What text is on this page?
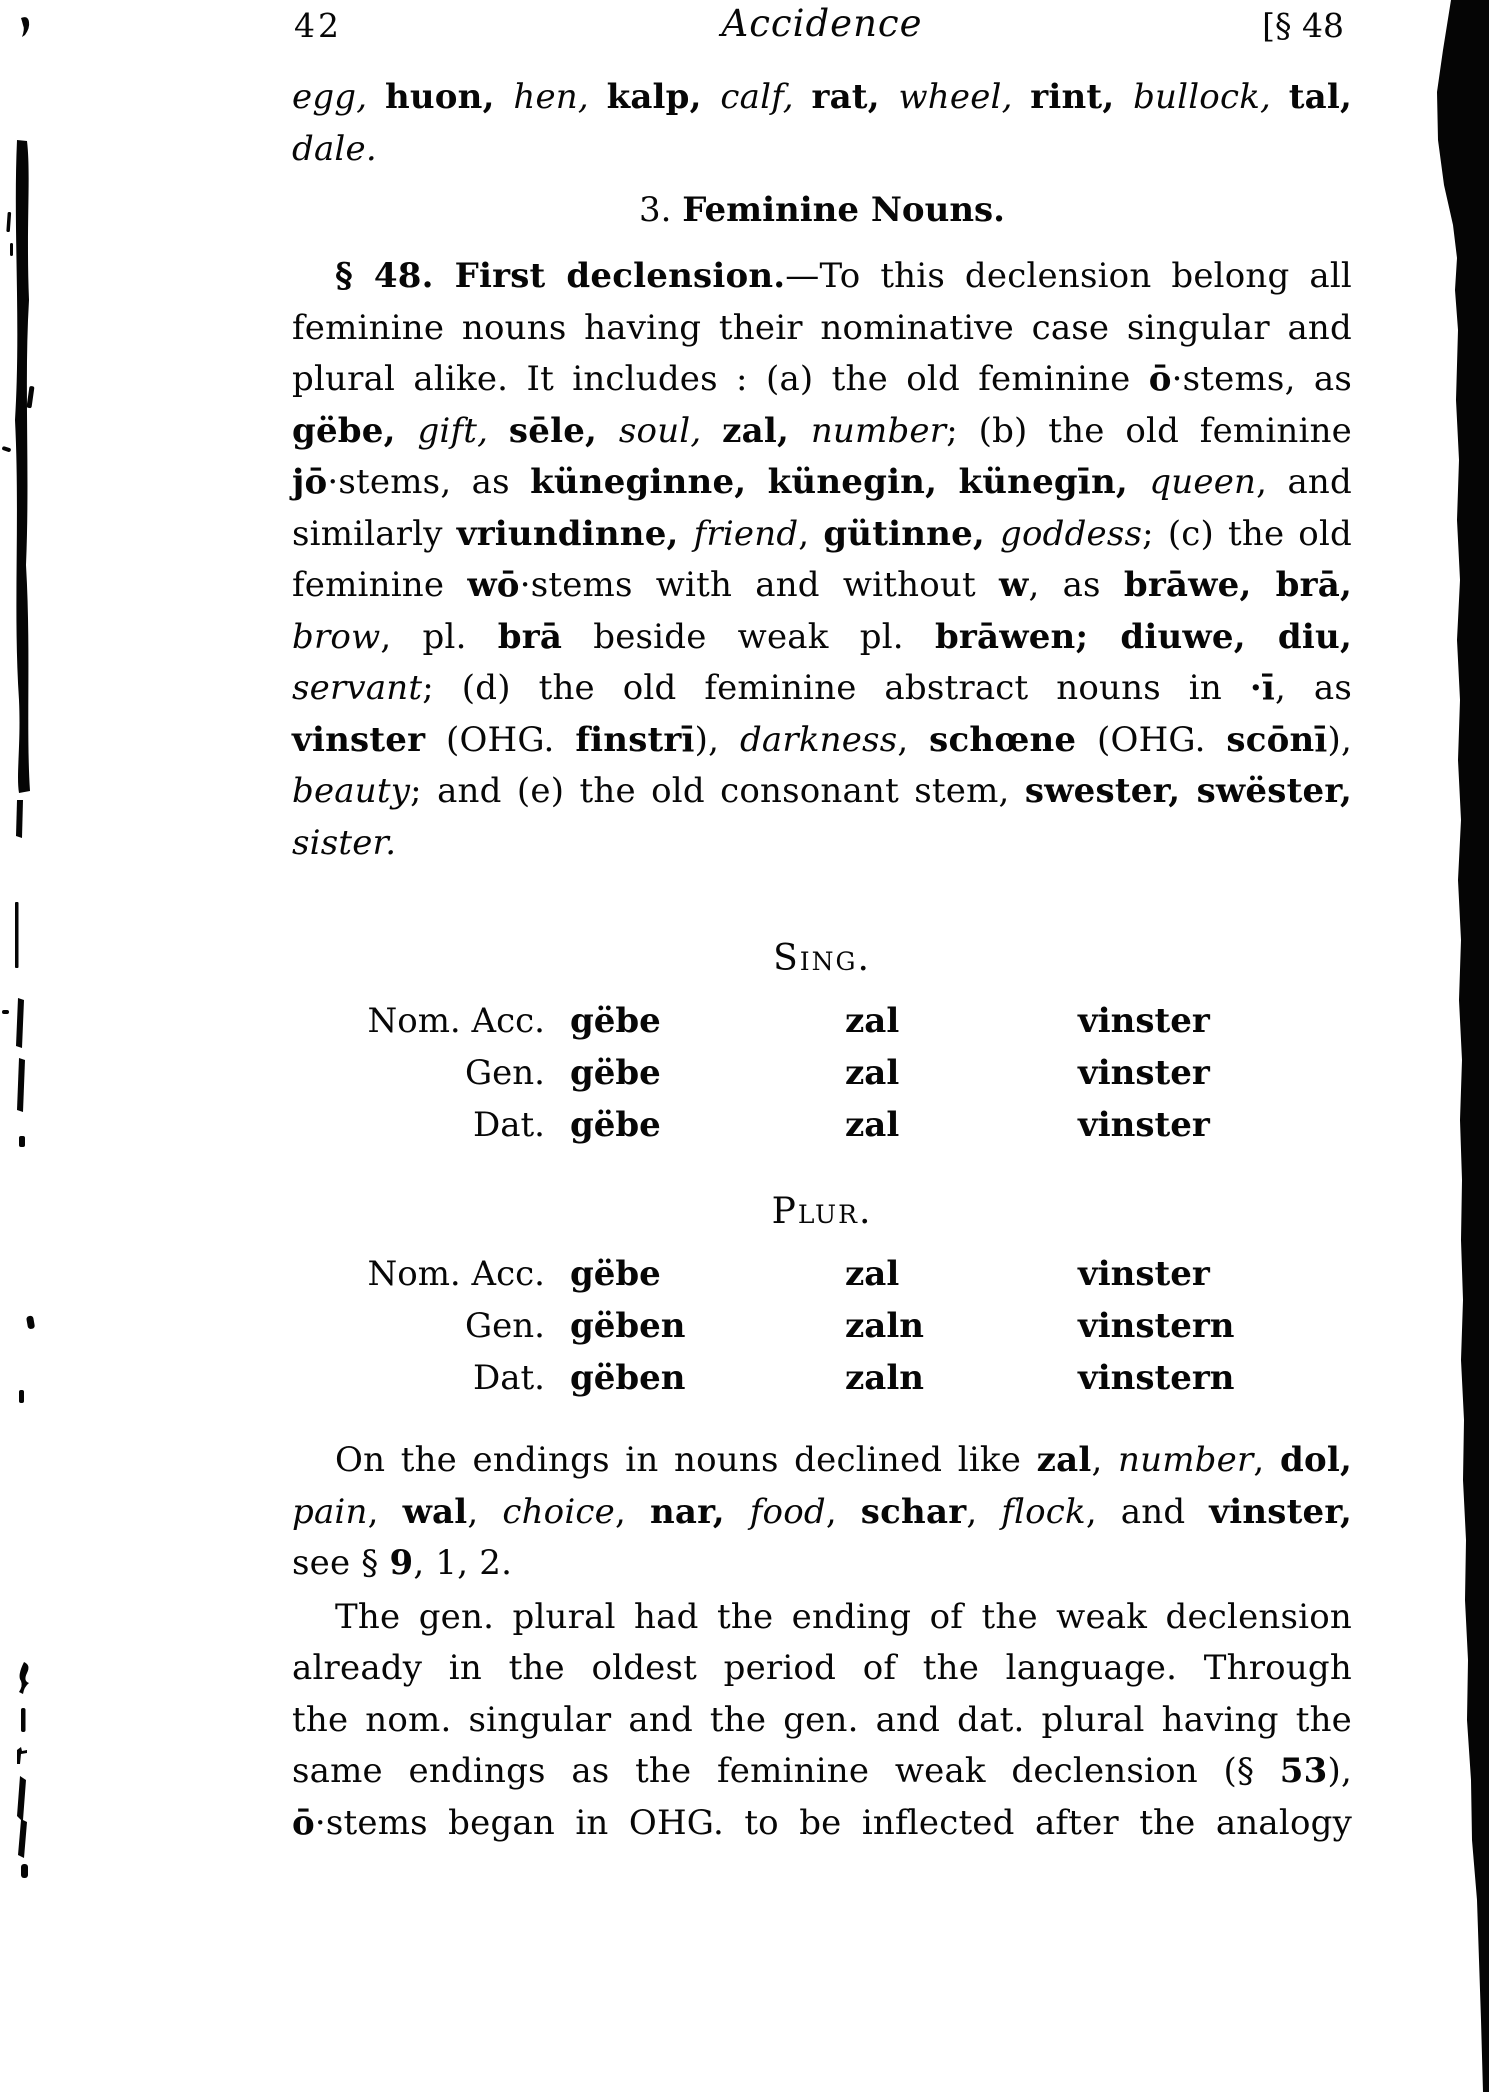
42	Accidence	[§ 48
egg, huon, hen, kalp, calf, rat, wheel, rint, bullock, tal,
dale.
3. Feminine Nouns.
§ 48. First declension.—To this declension belong all
feminine nouns having their nominative case singular and
plural alike. It includes : (a) the old feminine ō·stems, as
gëbe, gift, sēle, soul, zal, number; (b) the old feminine
jō·stems, as küneginne, künegin, künegīn, queen, and
similarly vriundinne, friend, gütinne, goddess; (c) the old
feminine wō·stems with and without w, as brāwe, brā,
brow, pl. brā beside weak pl. brāwen; diuwe, diu,
servant; (d) the old feminine abstract nouns in ·ī, as
vinster (OHG. finstrī), darkness, schœne (OHG. scōnī),
beauty; and (e) the old consonant stem, swester, swëster,
sister.
Sing.
Nom. Acc. gëbe	zal	vinster
Gen. gëbe	zal	vinster
Dat. gëbe	zal	vinster
Plur.
Nom. Acc. gëbe	zal	vinster
Gen. gëben	zaln	vinstern
Dat. gëben	zaln	vinstern
On the endings in nouns declined like zal, number, dol,
pain, wal, choice, nar, food, schar, flock, and vinster,
see § 9, 1, 2.
The gen. plural had the ending of the weak declension
already in the oldest period of the language. Through
the nom. singular and the gen. and dat. plural having the
same endings as the feminine weak declension (§ 53),
ō·stems began in OHG. to be inflected after the analogy
